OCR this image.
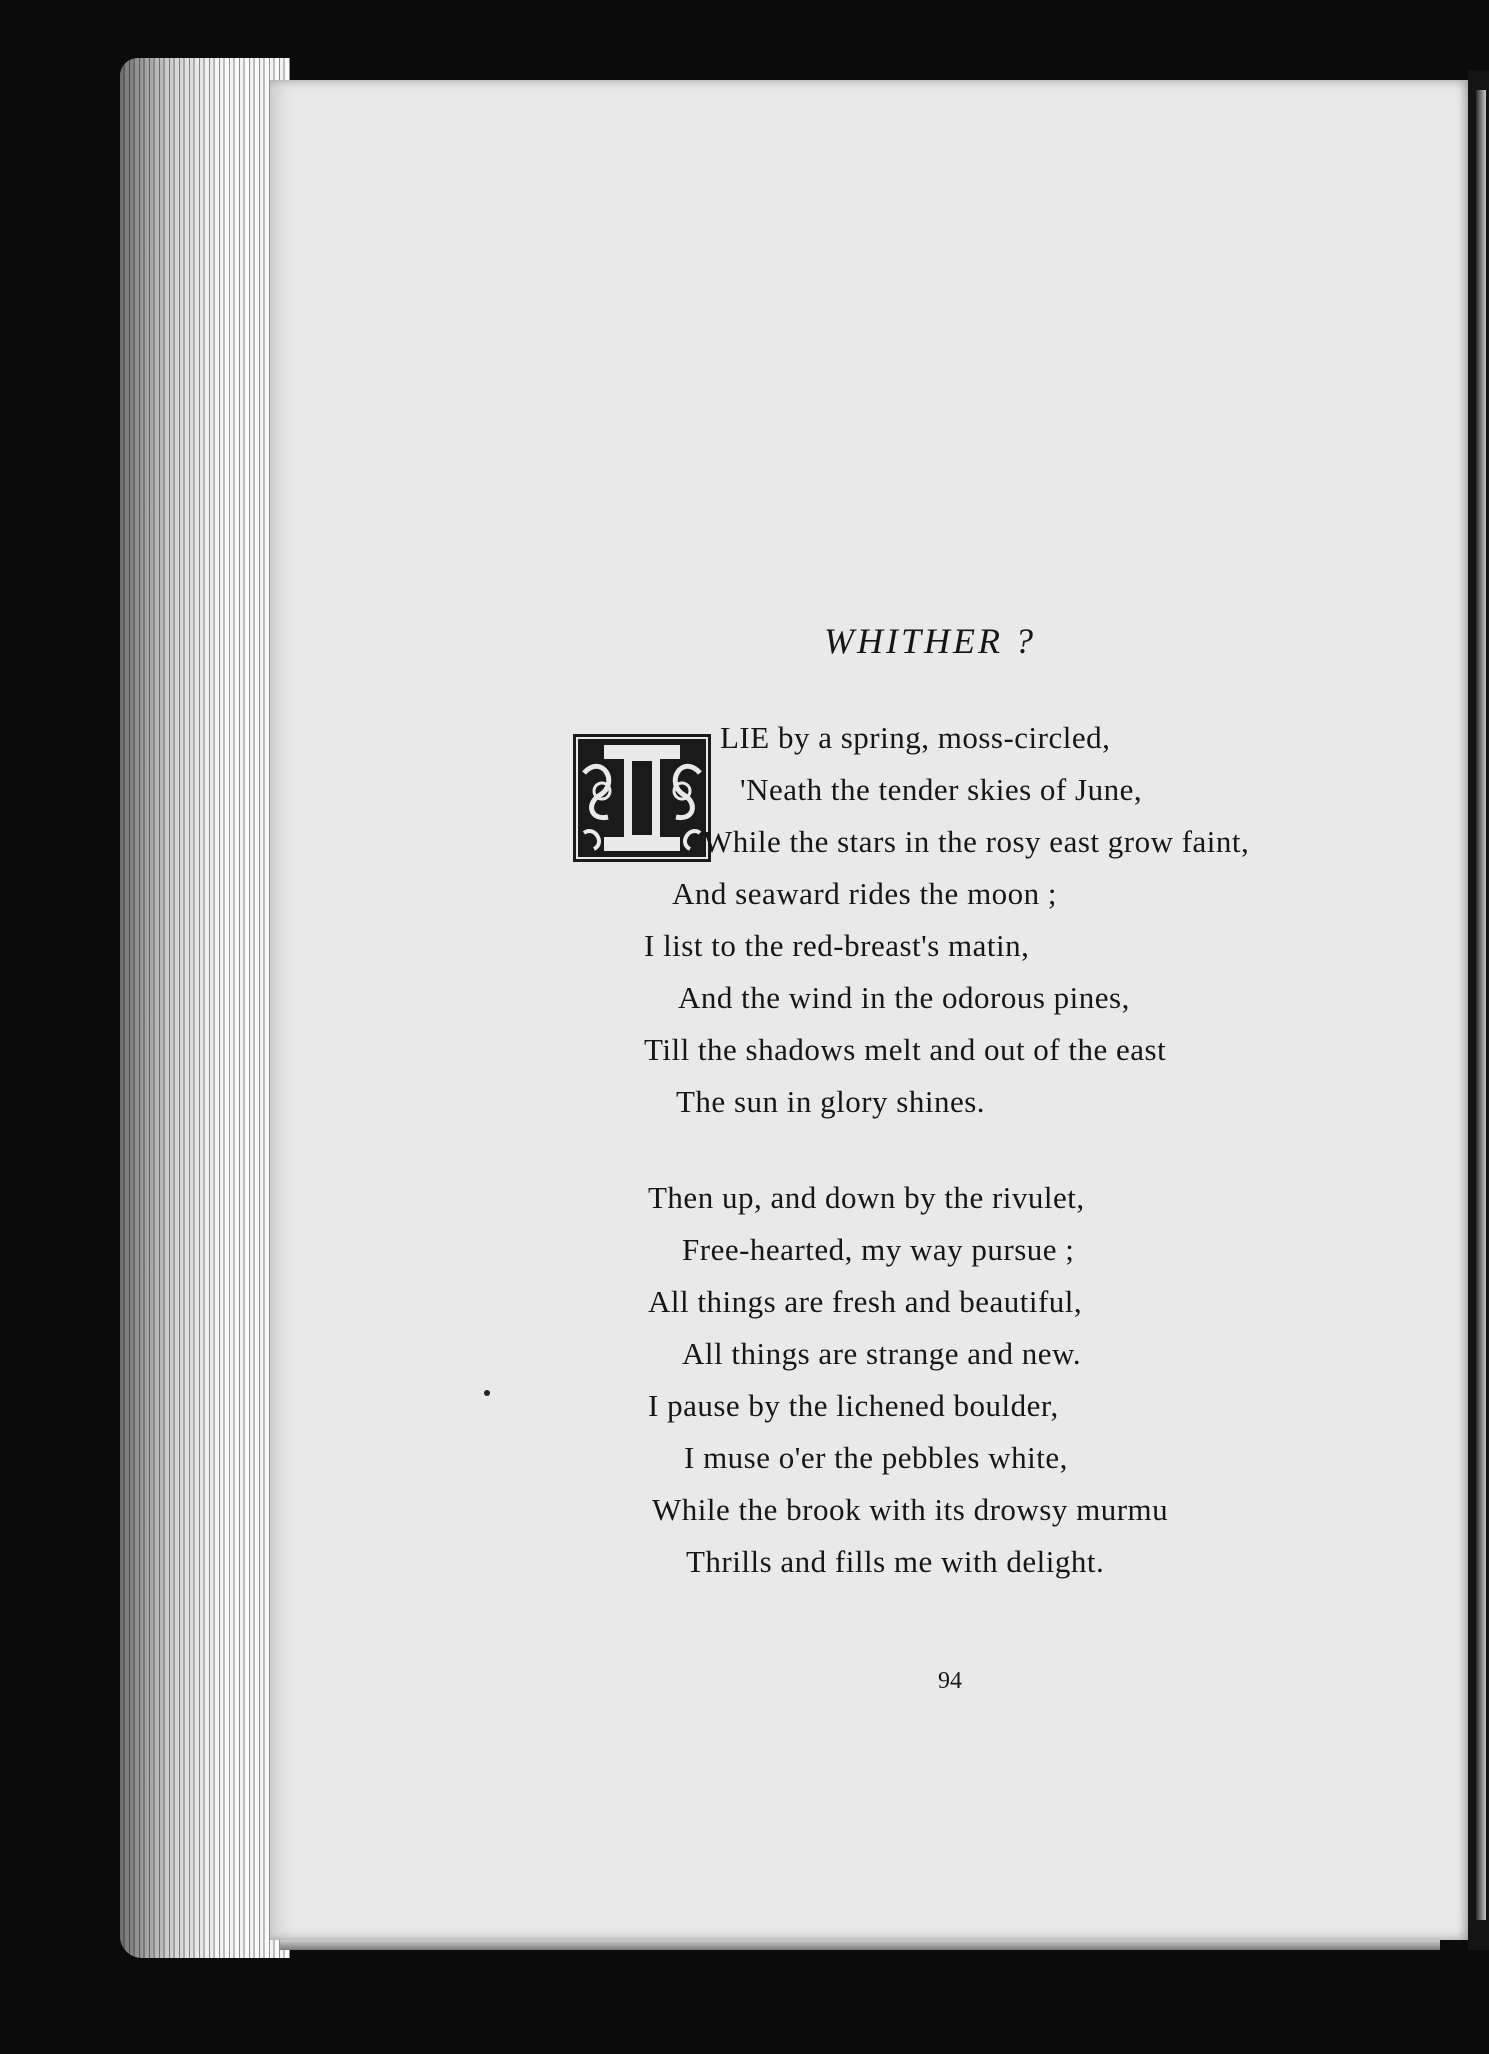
WHITHER ?
LIE by a spring, moss-circled,
'Neath the tender skies of June,
While the stars in the rosy east grow faint,
And seaward rides the moon ;
I list to the red-breast's matin,
And the wind in the odorous pines,
Till the shadows melt and out of the east
The sun in glory shines.
Then up, and down by the rivulet,
Free-hearted, my way pursue ;
All things are fresh and beautiful,
All things are strange and new.
I pause by the lichened boulder,
I muse o'er the pebbles white,
While the brook with its drowsy murmu
Thrills and fills me with delight.
94
